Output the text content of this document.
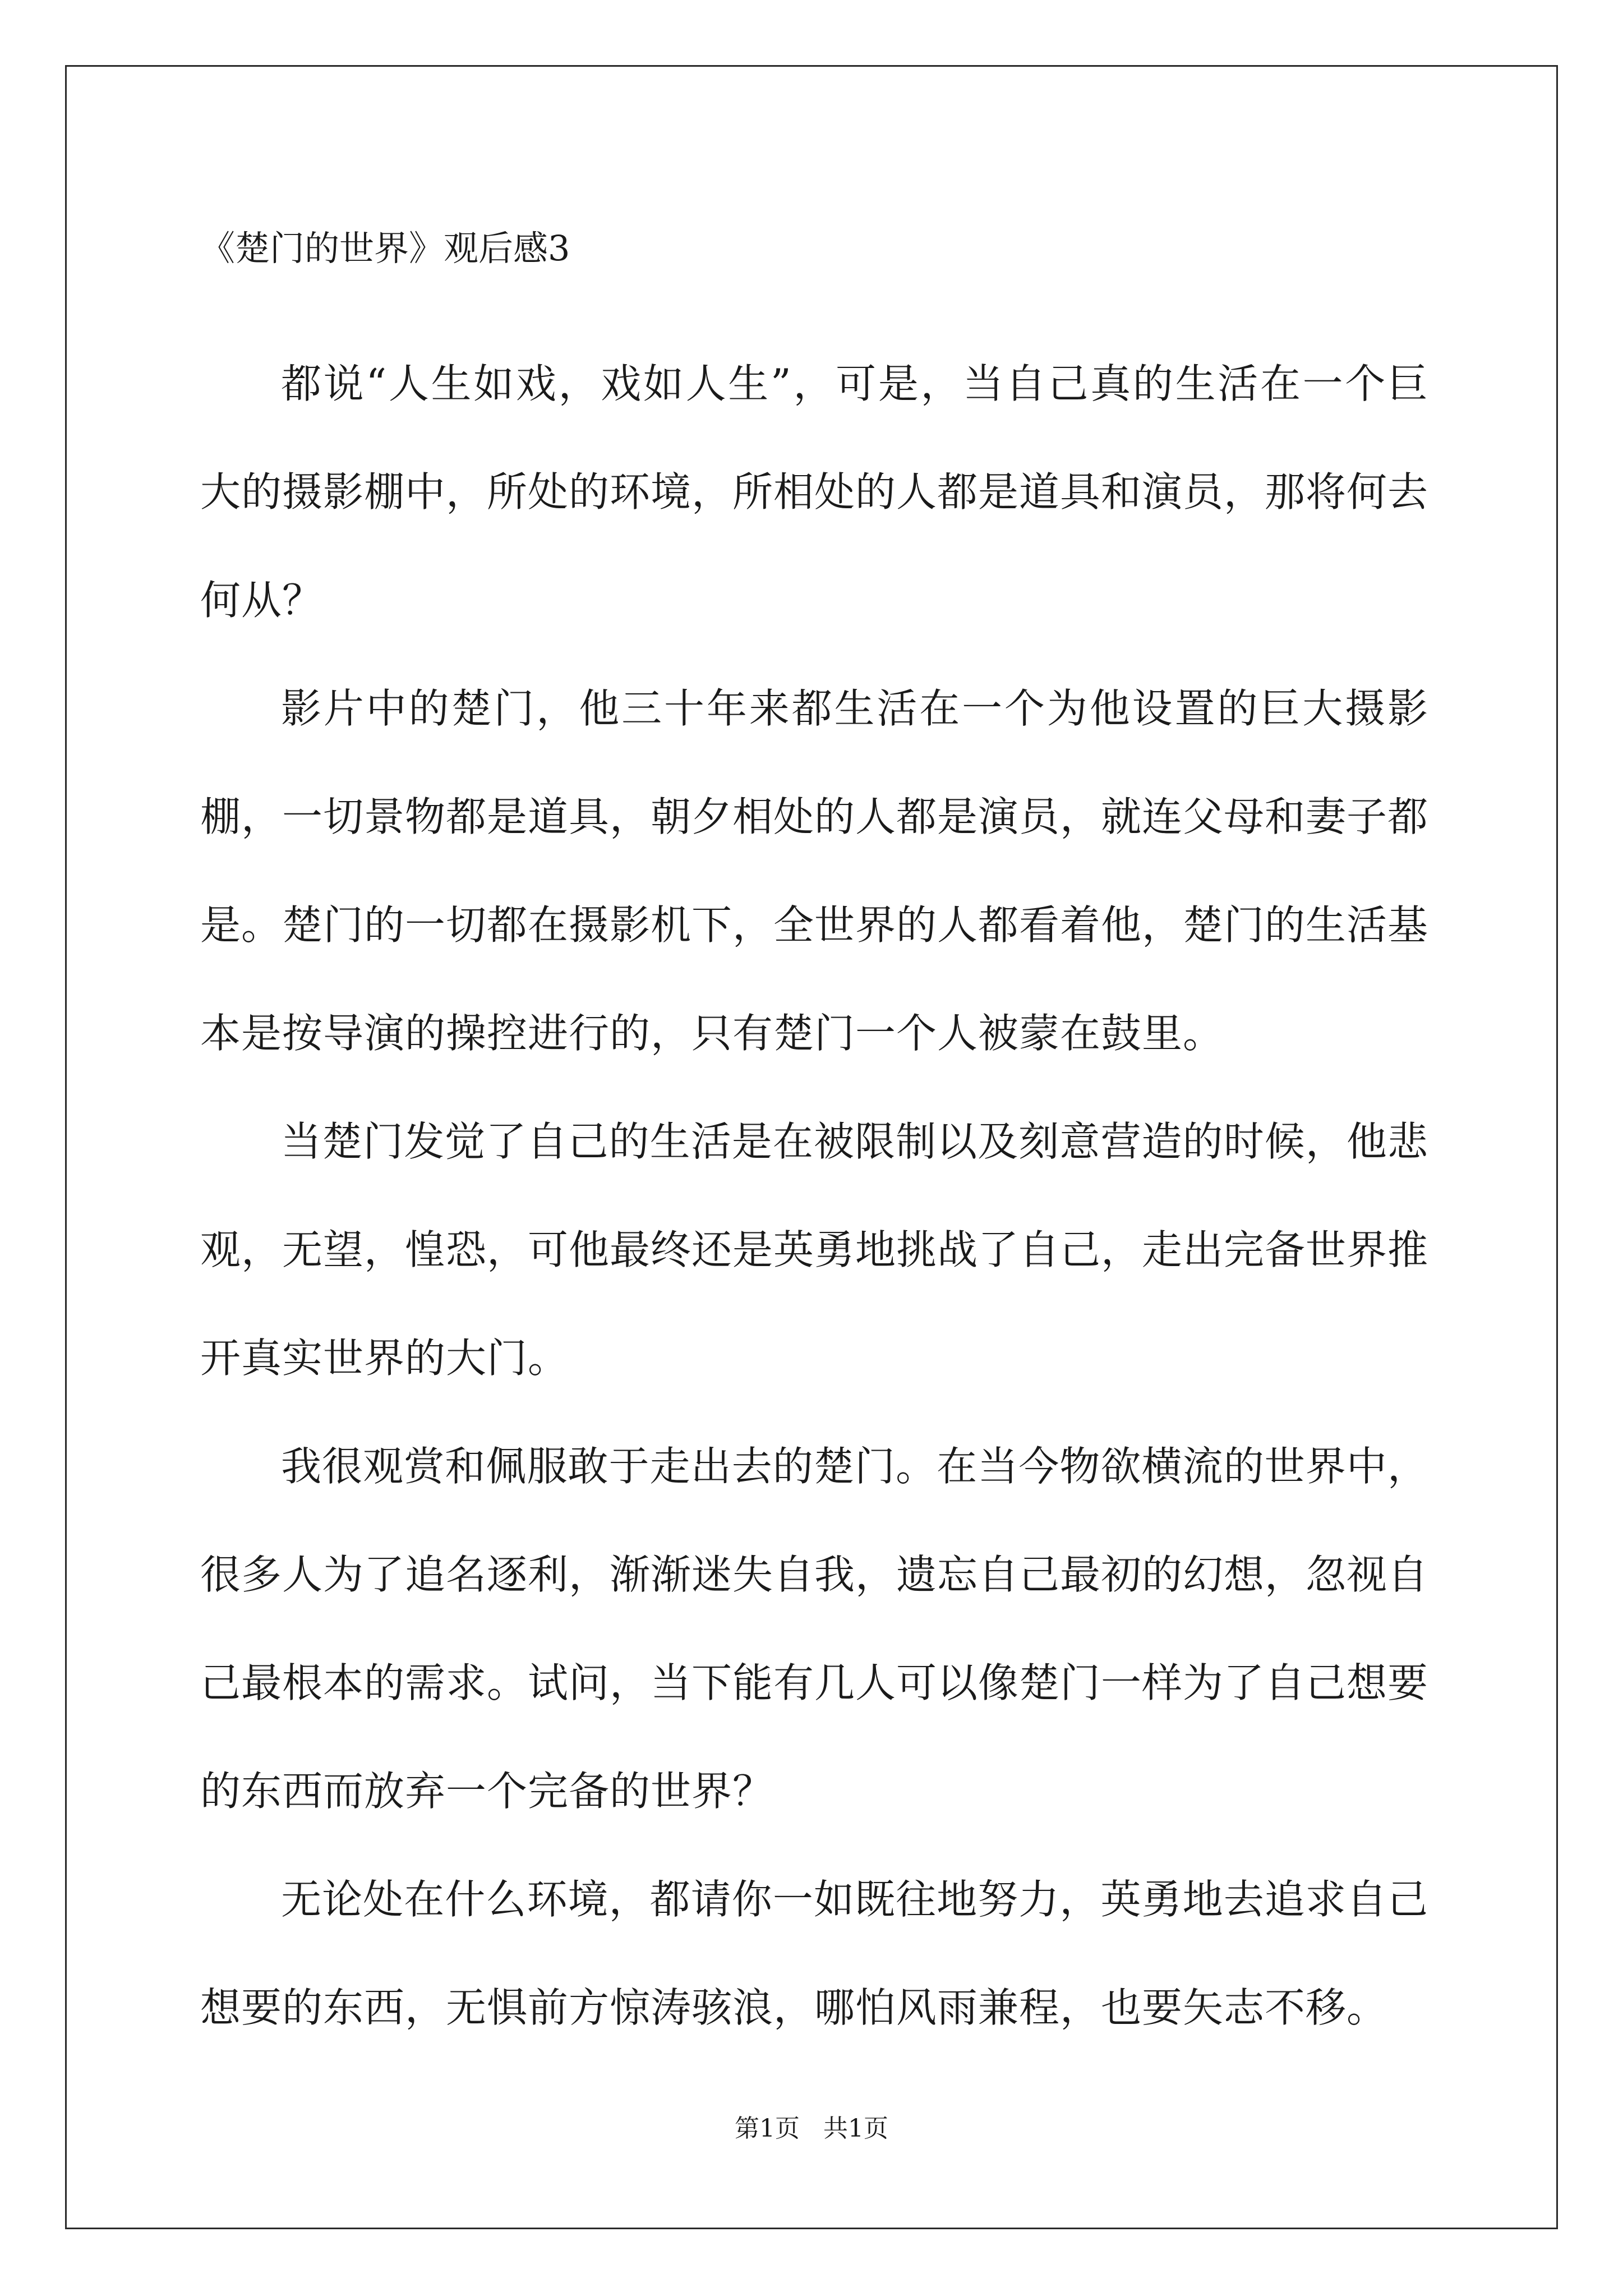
《楚门的世界》观后感3

都说“人生如戏，戏如人生”，可是，当自己真的生活在一个巨大的摄影棚中，所处的环境，所相处的人都是道具和演员，那将何去何从？

影片中的楚门，他三十年来都生活在一个为他设置的巨大摄影棚，一切景物都是道具，朝夕相处的人都是演员，就连父母和妻子都是。楚门的一切都在摄影机下，全世界的人都看着他，楚门的生活基本是按导演的操控进行的，只有楚门一个人被蒙在鼓里。

当楚门发觉了自己的生活是在被限制以及刻意营造的时候，他悲观，无望，惶恐，可他最终还是英勇地挑战了自己，走出完备世界推开真实世界的大门。

我很观赏和佩服敢于走出去的楚门。在当今物欲横流的世界中，很多人为了追名逐利，渐渐迷失自我，遗忘自己最初的幻想，忽视自己最根本的需求。试问，当下能有几人可以像楚门一样为了自己想要的东西而放弃一个完备的世界？

无论处在什么环境，都请你一如既往地努力，英勇地去追求自己想要的东西，无惧前方惊涛骇浪，哪怕风雨兼程，也要矢志不移。

第1页   共1页
